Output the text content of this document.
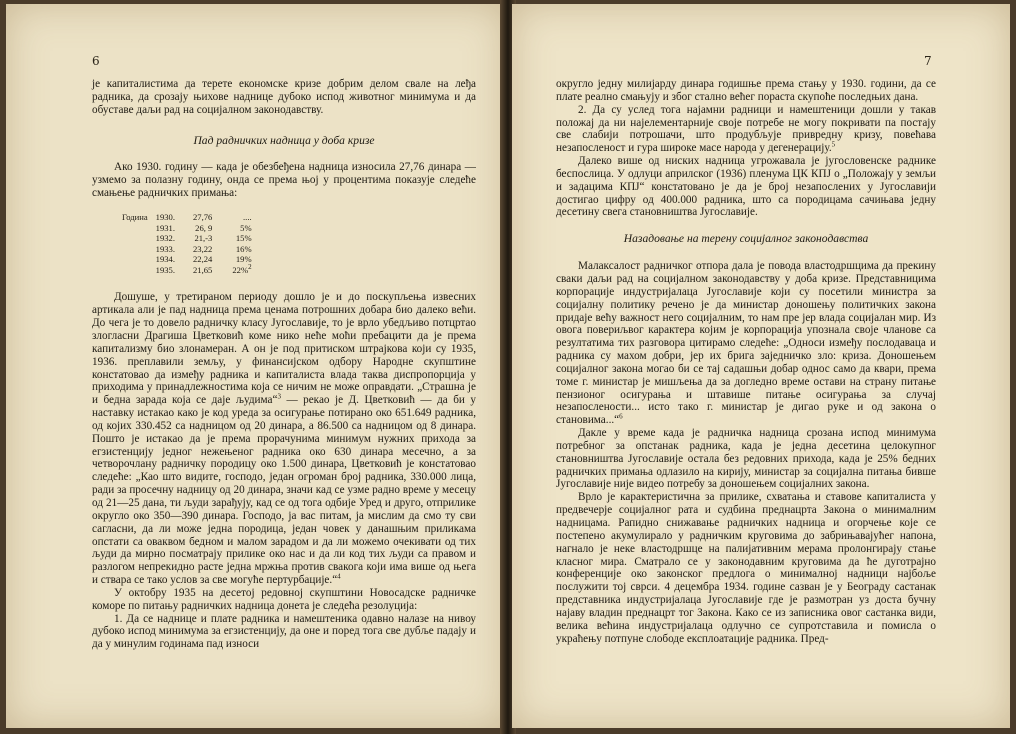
6

је капиталистима да терете економске кризе добрим делом свале на леђа радника, да срозају њихове наднице дубоко испод животног минимума и да обуставе даљи рад на социјалном законодавству.

Пад радничких надница у доба кризе

Ако 1930. годину — када је обезбеђена надница износила 27,76 динара — узмемо за полазну годину, онда се према њој у процентима показује следеће смањење радничких примања:

Година	1930.	27,76	....
	1931.	26, 9	5%
	1932.	21,-3	15%
	1933.	23,22	16%
	1934.	22,24	19%
	1935.	21,65	22%$^2$

Дошуше, у третираном периоду дошло је и до поскупљења извесних артикала али је пад надница према ценама потрошних добара био далеко већи. До чега је то довело радничку класу Југославије, то је врло убедљиво потцртао злогласни Драгиша Цветковић коме нико неће моћи пребацити да је према капитализму био злонамеран. А он је под притиском штрајкова који су 1935, 1936. преплавили земљу, у финансијском одбору Народне скупштине констатовао да између радника и капиталиста влада таква диспропорција у приходима у принадлежностима која се ничим не може оправдати. „Страшна је и бедна зарада која се даје људима“$^3$ — рекао је Д. Цветковић — да би у наставку истакао како је код уреда за осигурање потирано око 651.649 радника, од којих 330.452 са надницом од 20 динара, а 86.500 са надницом од 8 динара. Пошто је истакао да је према прорачунима минимум нужних прихода за егзистенцију једног нежењеног радника око 630 динара месечно, а за четворочлану радничку породицу око 1.500 динара, Цветковић је констатовао следеће: „Као што видите, господо, један огроман број радника, 330.000 лица, ради за просечну надницу од 20 динара, значи кад се узме радно време у месецу од 21—25 дана, ти људи зарађују, кад се од тога одбије Уред и друго, отприлике округло око 350—390 динара. Господо, ја вас питам, ја мислим да смо ту сви сагласни, да ли може једна породица, један човек у данашњим приликама опстати са оваквом бедном и малом зарадом и да ли можемо очекивати од тих људи да мирно посматрају прилике око нас и да ли код тих људи са правом и разлогом непрекидно расте једна мржња против свакога који има више од њега и ствара се тако услов за све могуће пертурбације.“$^4$

У октобру 1935 на десетој редовној скупштини Новосадске радничке коморе по питању радничких надница донета је следећа резолуција:

1. Да се наднице и плате радника и намештеника одавно налазе на нивоу дубоко испод минимума за егзистенцију, да оне и поред тога све дубље падају и да у минулим годинама пад износи

7

округло једну милијарду динара годишње према стању у 1930. години, да се плате реално смањују и због стално већег пораста скупоће последњих дана.

2. Да су услед тога најамни радници и намештеници дошли у такав положај да ни најелементарније своје потребе не могу покривати па постају све слабији потрошачи, што продубљује привредну кризу, повећава незапосленост и гура широке масе народа у дегенерацију.$^5$

Далеко више од ниских надница угрожавала је југословенске раднике беспослица. У одлуци априлског (1936) пленума ЦК КПЈ о „Положају у земљи и задацима КПЈ“ констатовано је да је број незапослених у Југославији достигао цифру од 400.000 радника, што са породицама сачињава једну десетину свега становништва Југославије.

Назадовање на терену социјалног законодавства

Малаксалост радничког отпора дала је повода властодршцима да прекину сваки даљи рад на социјалном законодавству у доба кризе. Представницима корпорације индустријалаца Југославије који су посетили министра за социјалну политику речено је да министар доношењу политичких закона придаје већу важност него социјалним, то нам пре јер влада социјалан мир. Из овога повериљвог карактера којим је корпорација упознала своје чланове са резултатима тих разговора цитирамо следеће: „Односи између послодаваца и радника су махом добри, јер их брига заједничко зло: криза. Доношењем социјалног закона могао би се тај садашњи добар однос само да квари, према томе г. министар је мишљења да за догледно време остави на страну питање пензионог осигурања и штавише питање осигурања за случај незапослености... исто тако г. министар је дигао руке и од закона о становима...“$^6$

Дакле у време када је радничка надница срозана испод минимума потребног за опстанак радника, када је једна десетина целокупног становништва Југославије остала без редовних прихода, када је 25% бедних радничких примања одлазило на кирију, министар за социјална питања бивше Југославије није видео потребу за доношењем социјалних закона.

Врло је карактеристична за прилике, схватања и ставове капиталиста у предвечерје социјалног рата и судбина преднацрта Закона о минималним надницама. Рапидно снижавање радничких надница и огорчење које се постепено акумулирало у радничким круговима до забрињавајућег напона, нагнало је неке властодршце на палијативним мерама пролонгирају стање класног мира. Сматрало се у законодавним круговима да ће дуготрајно конференције око законског предлога о минималној надници најбоље послужити тој сврси. 4 децембра 1934. године сазван је у Београду састанак представника индустријалаца Југославије где је размотран уз доста бучну најаву владин преднацрт тог Закона. Како се из записника овог састанка види, велика већина индустријалаца одлучно се супротставила и помисла о украћењу потпуне слободе експлоатације радника. Пред-
